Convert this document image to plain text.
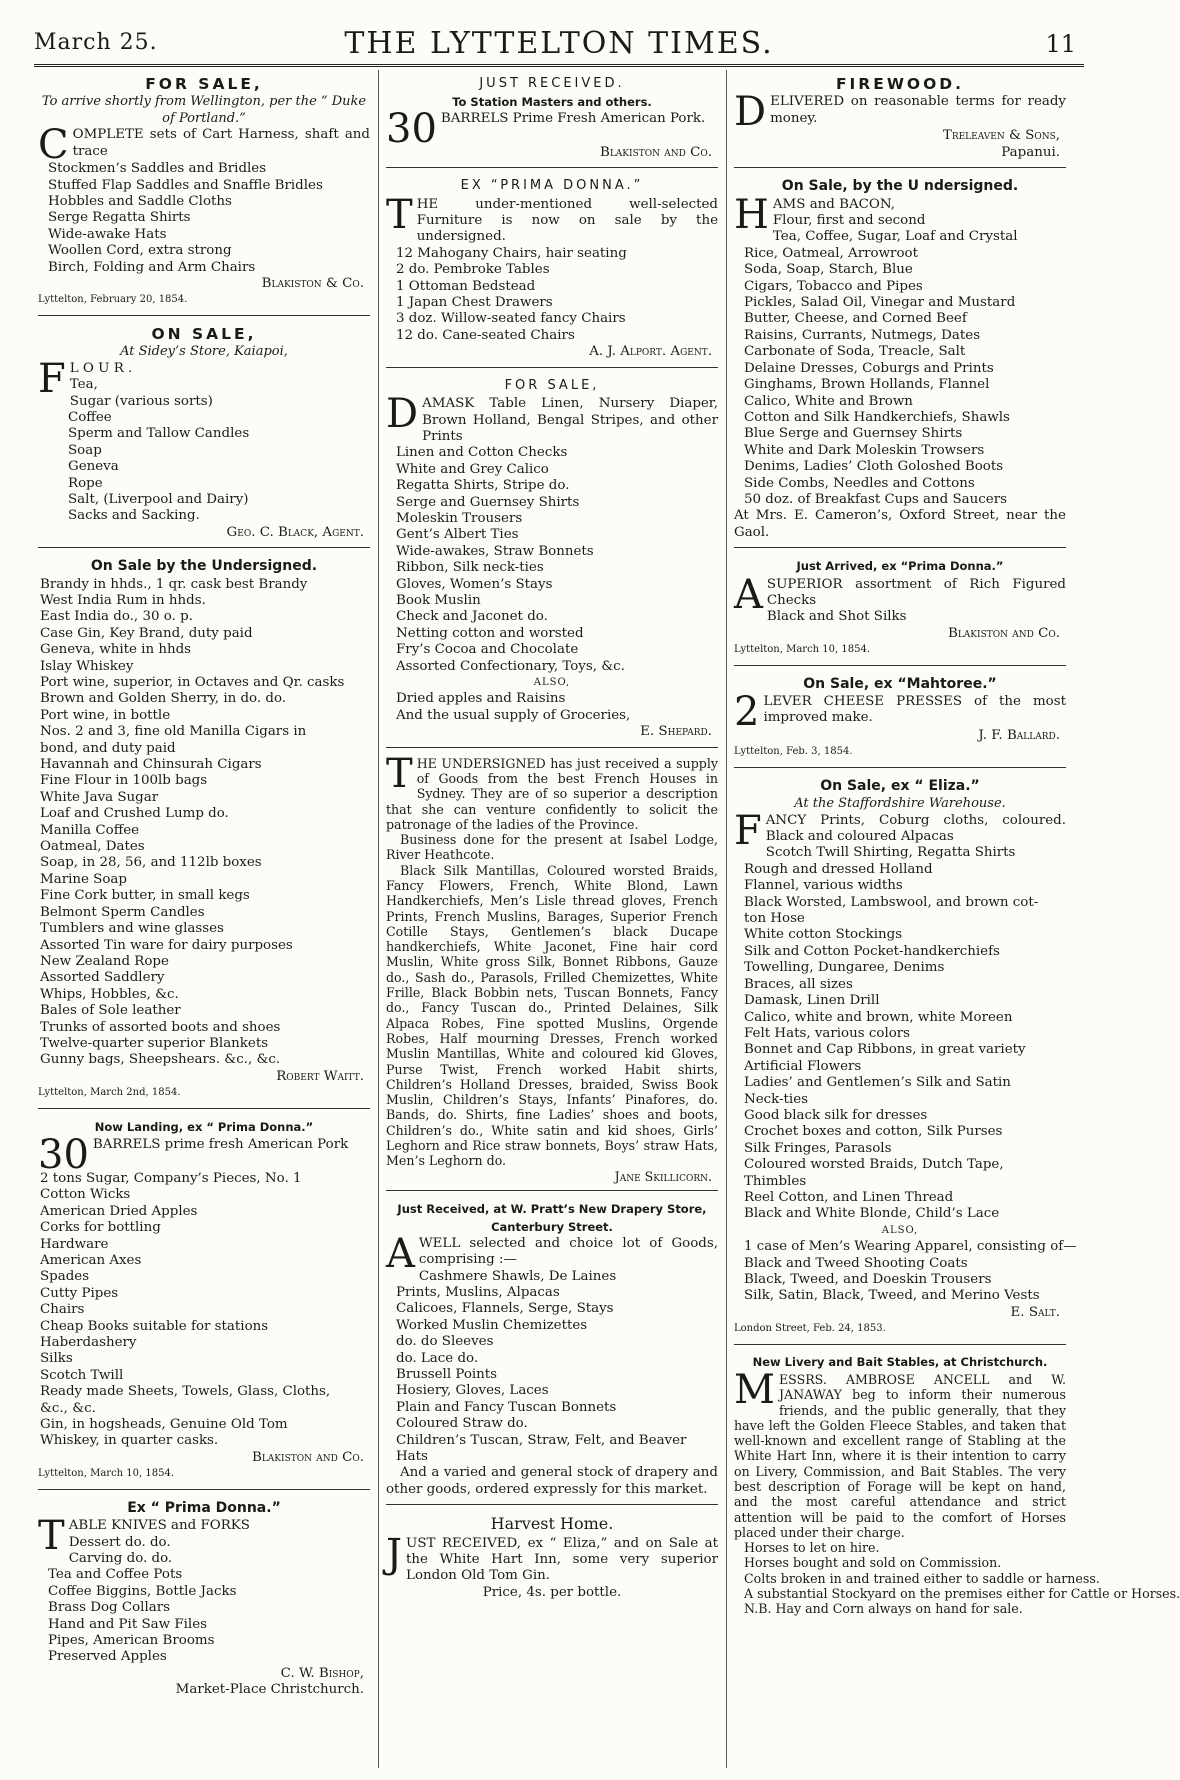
March 25.	THE LYTTELTON TIMES.	11
FOR SALE,
To arrive shortly from Wellington, per the “ Duke of Portland.”
COMPLETE sets of Cart Harness, shaft and trace
Stockmen’s Saddles and Bridles
Stuffed Flap Saddles and Snaffle Bridles
Hobbles and Saddle Cloths
Serge Regatta Shirts
Wide-awake Hats
Woollen Cord, extra strong
Birch, Folding and Arm Chairs
Blakiston & Co.
Lyttelton, February 20, 1854.
ON SALE,
At Sidey’s Store, Kaiapoi,
F L O U R .
Tea,
Sugar (various sorts)
Coffee
Sperm and Tallow Candles
Soap
Geneva
Rope
Salt, (Liverpool and Dairy)
Sacks and Sacking.
Geo. C. Black, Agent.
On Sale by the Undersigned.
Brandy in hhds., 1 qr. cask best Brandy
West India Rum in hhds.
East India do., 30 o. p.
Case Gin, Key Brand, duty paid
Geneva, white in hhds
Islay Whiskey
Port wine, superior, in Octaves and Qr. casks
Brown and Golden Sherry, in do. do.
Port wine, in bottle
Nos. 2 and 3, fine old Manilla Cigars in
bond, and duty paid
Havannah and Chinsurah Cigars
Fine Flour in 100lb bags
White Java Sugar
Loaf and Crushed Lump do.
Manilla Coffee
Oatmeal, Dates
Soap, in 28, 56, and 112lb boxes
Marine Soap
Fine Cork butter, in small kegs
Belmont Sperm Candles
Tumblers and wine glasses
Assorted Tin ware for dairy purposes
New Zealand Rope
Assorted Saddlery
Whips, Hobbles, &c.
Bales of Sole leather
Trunks of assorted boots and shoes
Twelve-quarter superior Blankets
Gunny bags, Sheepshears. &c., &c.
Robert Waitt.
Lyttelton, March 2nd, 1854.
Now Landing, ex “ Prima Donna.”
30 BARRELS prime fresh American Pork
2 tons Sugar, Company’s Pieces, No. 1
Cotton Wicks
American Dried Apples
Corks for bottling
Hardware
American Axes
Spades
Cutty Pipes
Chairs
Cheap Books suitable for stations
Haberdashery
Silks
Scotch Twill
Ready made Sheets, Towels, Glass, Cloths,
&c., &c.
Gin, in hogsheads, Genuine Old Tom
Whiskey, in quarter casks.
Blakiston and Co.
Lyttelton, March 10, 1854.
Ex “ Prima Donna.”
TABLE KNIVES and FORKS
Dessert do. do.
Carving do. do.
Tea and Coffee Pots
Coffee Biggins, Bottle Jacks
Brass Dog Collars
Hand and Pit Saw Files
Pipes, American Brooms
Preserved Apples
C. W. Bishop,
Market-Place Christchurch.
JUST RECEIVED.
To Station Masters and others.
30 BARRELS Prime Fresh American Pork.
Blakiston and Co.
EX “PRIMA DONNA.”
THE under-mentioned well-selected Furniture is now on sale by the undersigned.
12 Mahogany Chairs, hair seating
2 do. Pembroke Tables
1 Ottoman Bedstead
1 Japan Chest Drawers
3 doz. Willow-seated fancy Chairs
12 do. Cane-seated Chairs
A. J. Alport. Agent.
FOR SALE,
DAMASK Table Linen, Nursery Diaper, Brown Holland, Bengal Stripes, and other Prints
Linen and Cotton Checks
White and Grey Calico
Regatta Shirts, Stripe do.
Serge and Guernsey Shirts
Moleskin Trousers
Gent’s Albert Ties
Wide-awakes, Straw Bonnets
Ribbon, Silk neck-ties
Gloves, Women’s Stays
Book Muslin
Check and Jaconet do.
Netting cotton and worsted
Fry’s Cocoa and Chocolate
Assorted Confectionary, Toys, &c.
ALSO,
Dried apples and Raisins
And the usual supply of Groceries,
E. Shepard.
THE UNDERSIGNED has just received a supply of Goods from the best French Houses in Sydney. They are of so superior a description that she can venture confidently to solicit the patronage of the ladies of the Province.
Business done for the present at Isabel Lodge, River Heathcote.
Black Silk Mantillas, Coloured worsted Braids, Fancy Flowers, French, White Blond, Lawn Handkerchiefs, Men’s Lisle thread gloves, French Prints, French Muslins, Barages, Superior French Cotille Stays, Gentlemen’s black Ducape handkerchiefs, White Jaconet, Fine hair cord Muslin, White gross Silk, Bonnet Ribbons, Gauze do., Sash do., Parasols, Frilled Chemizettes, White Frille, Black Bobbin nets, Tuscan Bonnets, Fancy do., Fancy Tuscan do., Printed Delaines, Silk Alpaca Robes, Fine spotted Muslins, Orgende Robes, Half mourning Dresses, French worked Muslin Mantillas, White and coloured kid Gloves, Purse Twist, French worked Habit shirts, Children’s Holland Dresses, braided, Swiss Book Muslin, Children’s Stays, Infants’ Pinafores, do. Bands, do. Shirts, fine Ladies’ shoes and boots, Children’s do., White satin and kid shoes, Girls’ Leghorn and Rice straw bonnets, Boys’ straw Hats, Men’s Leghorn do.
Jane Skillicorn.
Just Received, at W. Pratt’s New Drapery Store,
Canterbury Street.
AWELL selected and choice lot of Goods, comprising :—
Cashmere Shawls, De Laines
Prints, Muslins, Alpacas
Calicoes, Flannels, Serge, Stays
Worked Muslin Chemizettes
do. do Sleeves
do. Lace do.
Brussell Points
Hosiery, Gloves, Laces
Plain and Fancy Tuscan Bonnets
Coloured Straw do.
Children’s Tuscan, Straw, Felt, and Beaver
Hats
And a varied and general stock of drapery and other goods, ordered expressly for this market.
Harvest Home.
JUST RECEIVED, ex “ Eliza,” and on Sale at the White Hart Inn, some very superior London Old Tom Gin.
Price, 4s. per bottle.
FIREWOOD.
DELIVERED on reasonable terms for ready money.
Treleaven & Sons,
Papanui.
On Sale, by the U ndersigned.
HAMS and BACON,
Flour, first and second
Tea, Coffee, Sugar, Loaf and Crystal
Rice, Oatmeal, Arrowroot
Soda, Soap, Starch, Blue
Cigars, Tobacco and Pipes
Pickles, Salad Oil, Vinegar and Mustard
Butter, Cheese, and Corned Beef
Raisins, Currants, Nutmegs, Dates
Carbonate of Soda, Treacle, Salt
Delaine Dresses, Coburgs and Prints
Ginghams, Brown Hollands, Flannel
Calico, White and Brown
Cotton and Silk Handkerchiefs, Shawls
Blue Serge and Guernsey Shirts
White and Dark Moleskin Trowsers
Denims, Ladies’ Cloth Goloshed Boots
Side Combs, Needles and Cottons
50 doz. of Breakfast Cups and Saucers
At Mrs. E. Cameron’s, Oxford Street, near the Gaol.
Just Arrived, ex “Prima Donna.”
ASUPERIOR assortment of Rich Figured Checks
Black and Shot Silks
Blakiston and Co.
Lyttelton, March 10, 1854.
On Sale, ex “Mahtoree.”
2 LEVER CHEESE PRESSES of the most improved make.
J. F. Ballard.
Lyttelton, Feb. 3, 1854.
On Sale, ex “ Eliza.”
At the Staffordshire Warehouse.
FANCY Prints, Coburg cloths, coloured. Black and coloured Alpacas
Scotch Twill Shirting, Regatta Shirts
Rough and dressed Holland
Flannel, various widths
Black Worsted, Lambswool, and brown cot-
ton Hose
White cotton Stockings
Silk and Cotton Pocket-handkerchiefs
Towelling, Dungaree, Denims
Braces, all sizes
Damask, Linen Drill
Calico, white and brown, white Moreen
Felt Hats, various colors
Bonnet and Cap Ribbons, in great variety
Artificial Flowers
Ladies’ and Gentlemen’s Silk and Satin
Neck-ties
Good black silk for dresses
Crochet boxes and cotton, Silk Purses
Silk Fringes, Parasols
Coloured worsted Braids, Dutch Tape,
Thimbles
Reel Cotton, and Linen Thread
Black and White Blonde, Child’s Lace
ALSO,
1 case of Men’s Wearing Apparel, consisting of—
Black and Tweed Shooting Coats
Black, Tweed, and Doeskin Trousers
Silk, Satin, Black, Tweed, and Merino Vests
E. Salt.
London Street, Feb. 24, 1853.
New Livery and Bait Stables, at Christchurch.
MESSRS. AMBROSE ANCELL and W. JANAWAY beg to inform their numerous friends, and the public generally, that they have left the Golden Fleece Stables, and taken that well-known and excellent range of Stabling at the White Hart Inn, where it is their intention to carry on Livery, Commission, and Bait Stables. The very best description of Forage will be kept on hand, and the most careful attendance and strict attention will be paid to the comfort of Horses placed under their charge.
Horses to let on hire.
Horses bought and sold on Commission.
Colts broken in and trained either to saddle or harness.
A substantial Stockyard on the premises either for Cattle or Horses.
N.B. Hay and Corn always on hand for sale.
